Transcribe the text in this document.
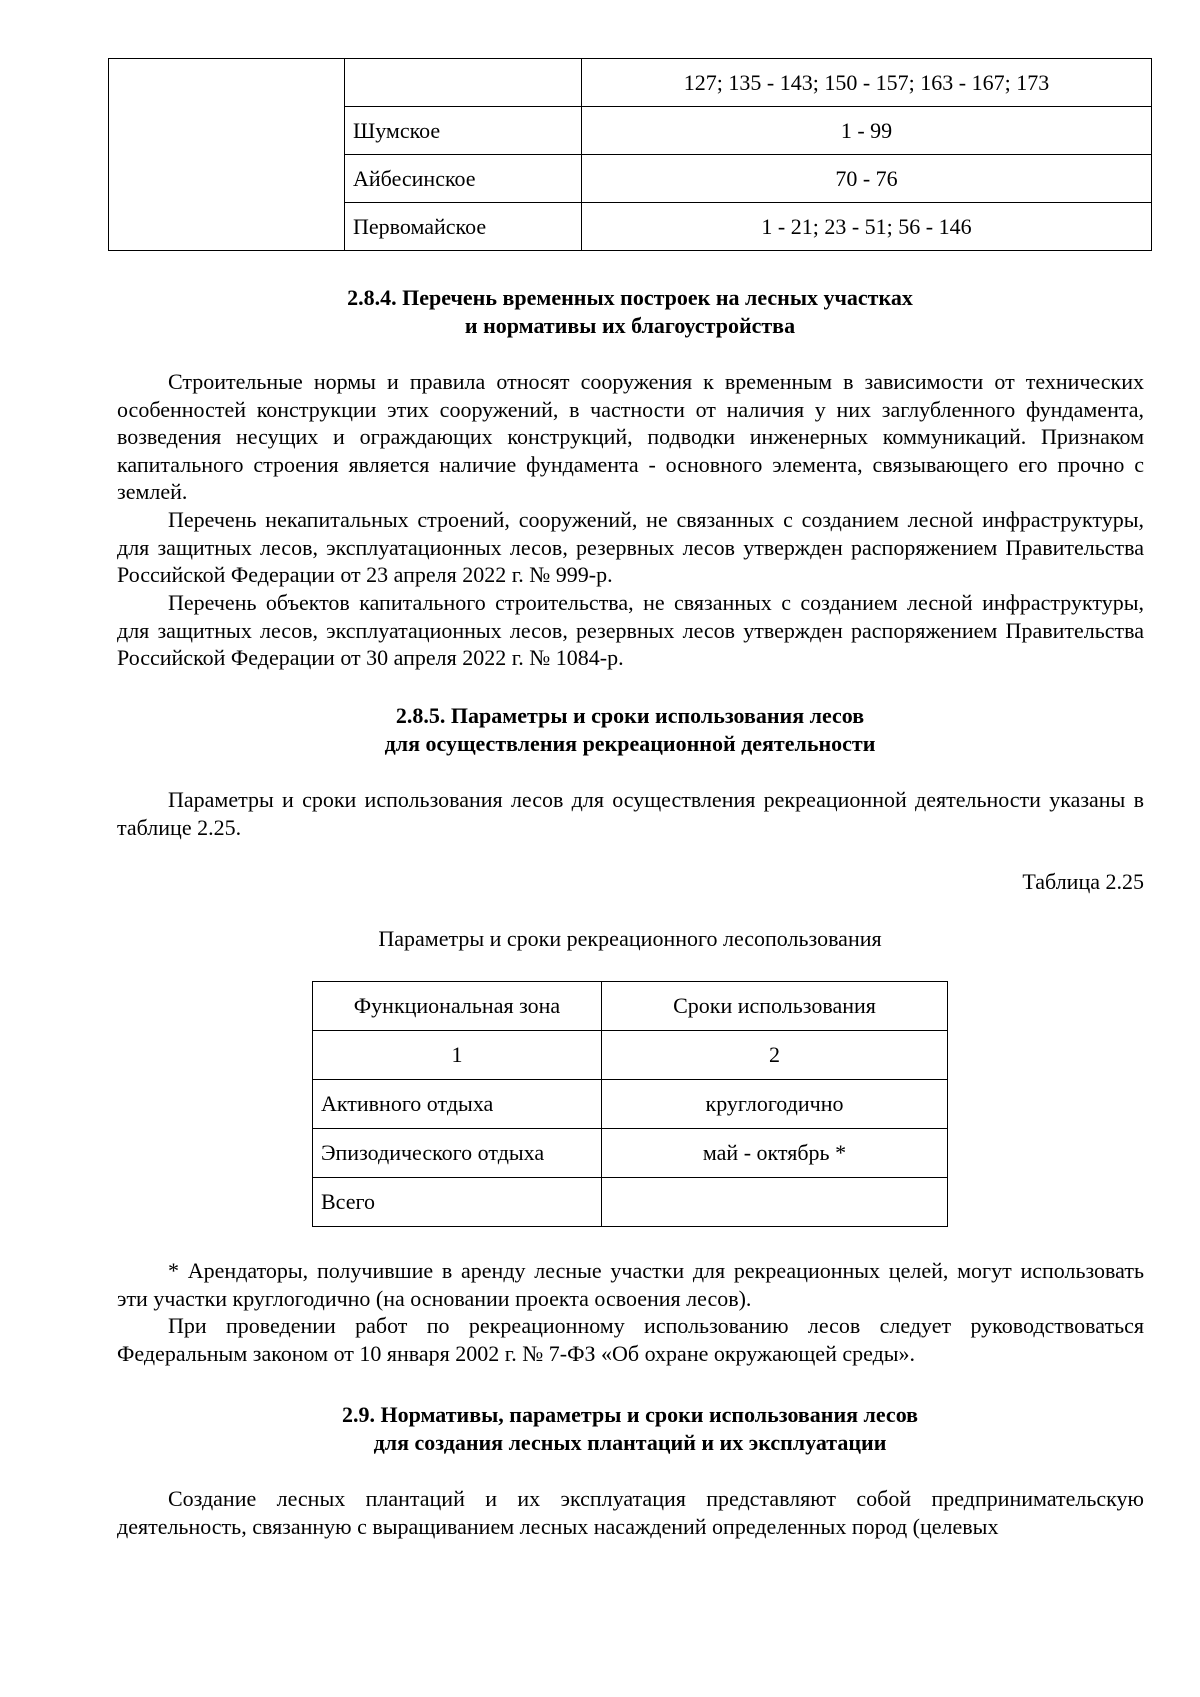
		127; 135 - 143; 150 - 157; 163 - 167; 173
	Шумское	1 - 99
	Айбесинское	70 - 76
	Первомайское	1 - 21; 23 - 51; 56 - 146

2.8.4. Перечень временных построек на лесных участках

и нормативы их благоустройства

Строительные нормы и правила относят сооружения к временным в зависимости от технических особенностей конструкции этих сооружений, в частности от наличия у них заглубленного фундамента, возведения несущих и ограждающих конструкций, подводки инженерных коммуникаций. Признаком капитального строения является наличие фундамента - основного элемента, связывающего его прочно с землей.

Перечень некапитальных строений, сооружений, не связанных с созданием лесной инфраструктуры, для защитных лесов, эксплуатационных лесов, резервных лесов утвержден распоряжением Правительства Российской Федерации от 23 апреля 2022 г. № 999-р.

Перечень объектов капитального строительства, не связанных с созданием лесной инфраструктуры, для защитных лесов, эксплуатационных лесов, резервных лесов утвержден распоряжением Правительства Российской Федерации от 30 апреля 2022 г. № 1084-р.

2.8.5. Параметры и сроки использования лесов

для осуществления рекреационной деятельности

Параметры и сроки использования лесов для осуществления рекреационной деятельности указаны в таблице 2.25.

Таблица 2.25

Параметры и сроки рекреационного лесопользования

Функциональная зона	Сроки использования
1	2
Активного отдыха	круглогодично
Эпизодического отдыха	май - октябрь *
Всего	

* Арендаторы, получившие в аренду лесные участки для рекреационных целей, могут использовать эти участки круглогодично (на основании проекта освоения лесов).

При проведении работ по рекреационному использованию лесов следует руководствоваться Федеральным законом от 10 января 2002 г. № 7-ФЗ «Об охране окружающей среды».

2.9. Нормативы, параметры и сроки использования лесов

для создания лесных плантаций и их эксплуатации

Создание лесных плантаций и их эксплуатация представляют собой предпринимательскую деятельность, связанную с выращиванием лесных насаждений определенных пород (целевых
